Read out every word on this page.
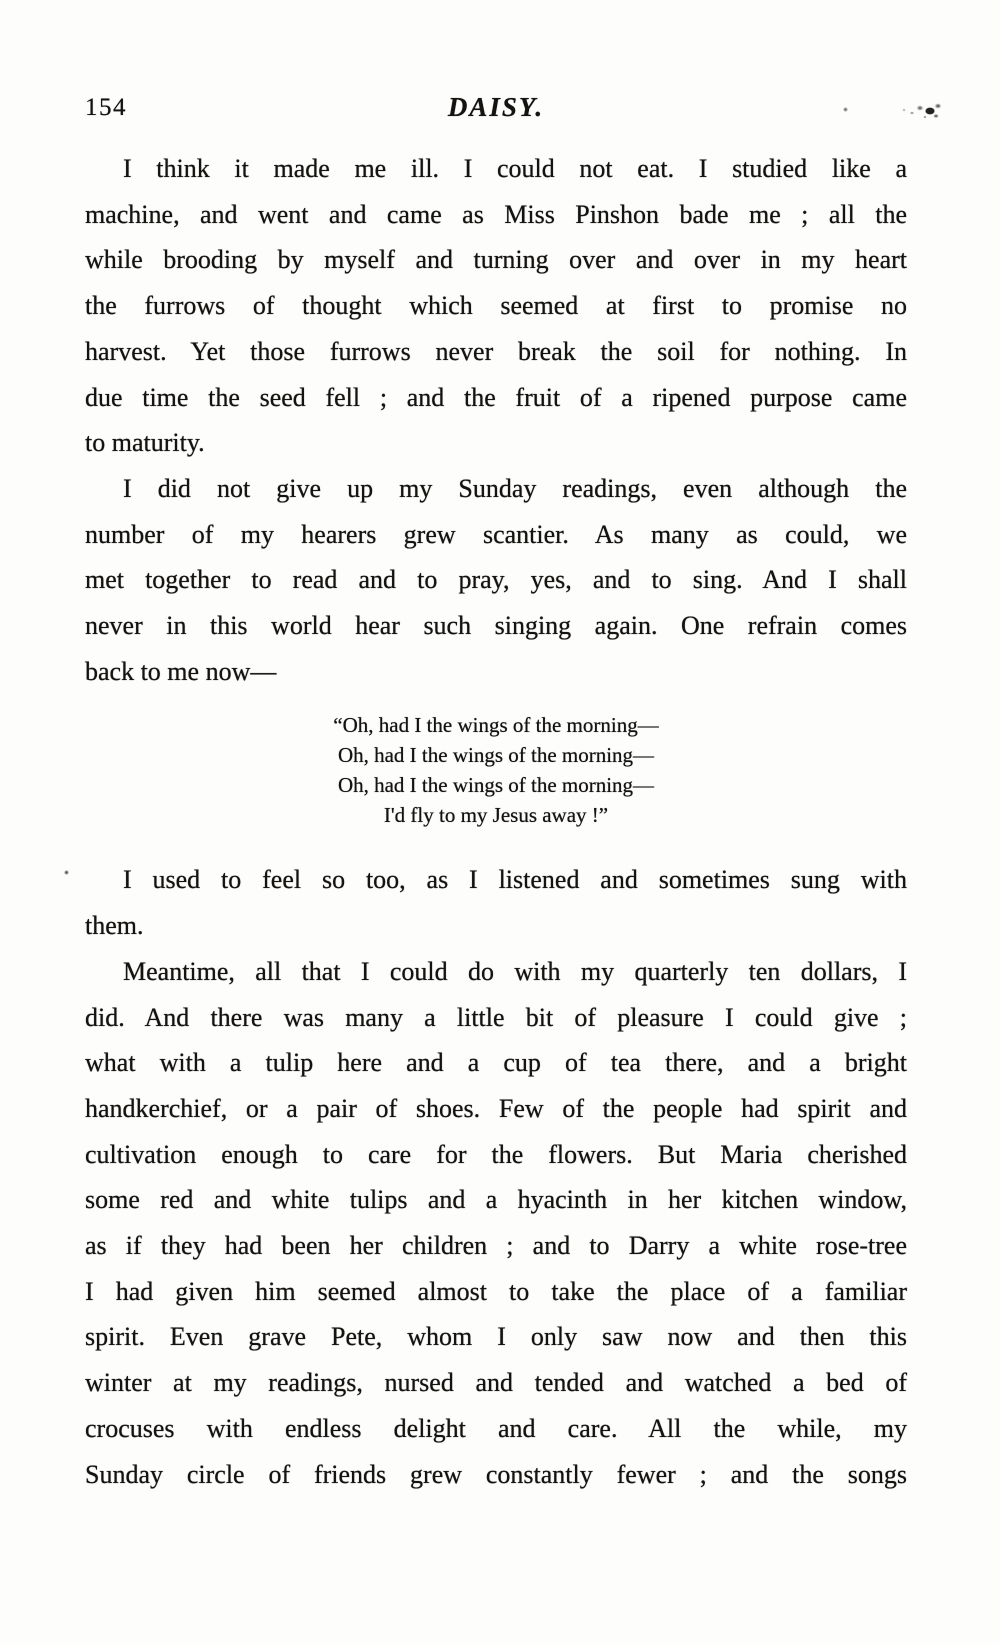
154	DAISY.
I think it made me ill. I could not eat. I studied like a
machine, and went and came as Miss Pinshon bade me ; all the
while brooding by myself and turning over and over in my heart
the furrows of thought which seemed at first to promise no
harvest. Yet those furrows never break the soil for nothing. In
due time the seed fell ; and the fruit of a ripened purpose came
to maturity.
I did not give up my Sunday readings, even although the
number of my hearers grew scantier. As many as could, we
met together to read and to pray, yes, and to sing. And I shall
never in this world hear such singing again. One refrain comes
back to me now—
“Oh, had I the wings of the morning—
Oh, had I the wings of the morning—
Oh, had I the wings of the morning—
I'd fly to my Jesus away !”
I used to feel so too, as I listened and sometimes sung with
them.
Meantime, all that I could do with my quarterly ten dollars, I
did. And there was many a little bit of pleasure I could give ;
what with a tulip here and a cup of tea there, and a bright
handkerchief, or a pair of shoes. Few of the people had spirit and
cultivation enough to care for the flowers. But Maria cherished
some red and white tulips and a hyacinth in her kitchen window,
as if they had been her children ; and to Darry a white rose-tree
I had given him seemed almost to take the place of a familiar
spirit. Even grave Pete, whom I only saw now and then this
winter at my readings, nursed and tended and watched a bed of
crocuses with endless delight and care. All the while, my
Sunday circle of friends grew constantly fewer ; and the songs
